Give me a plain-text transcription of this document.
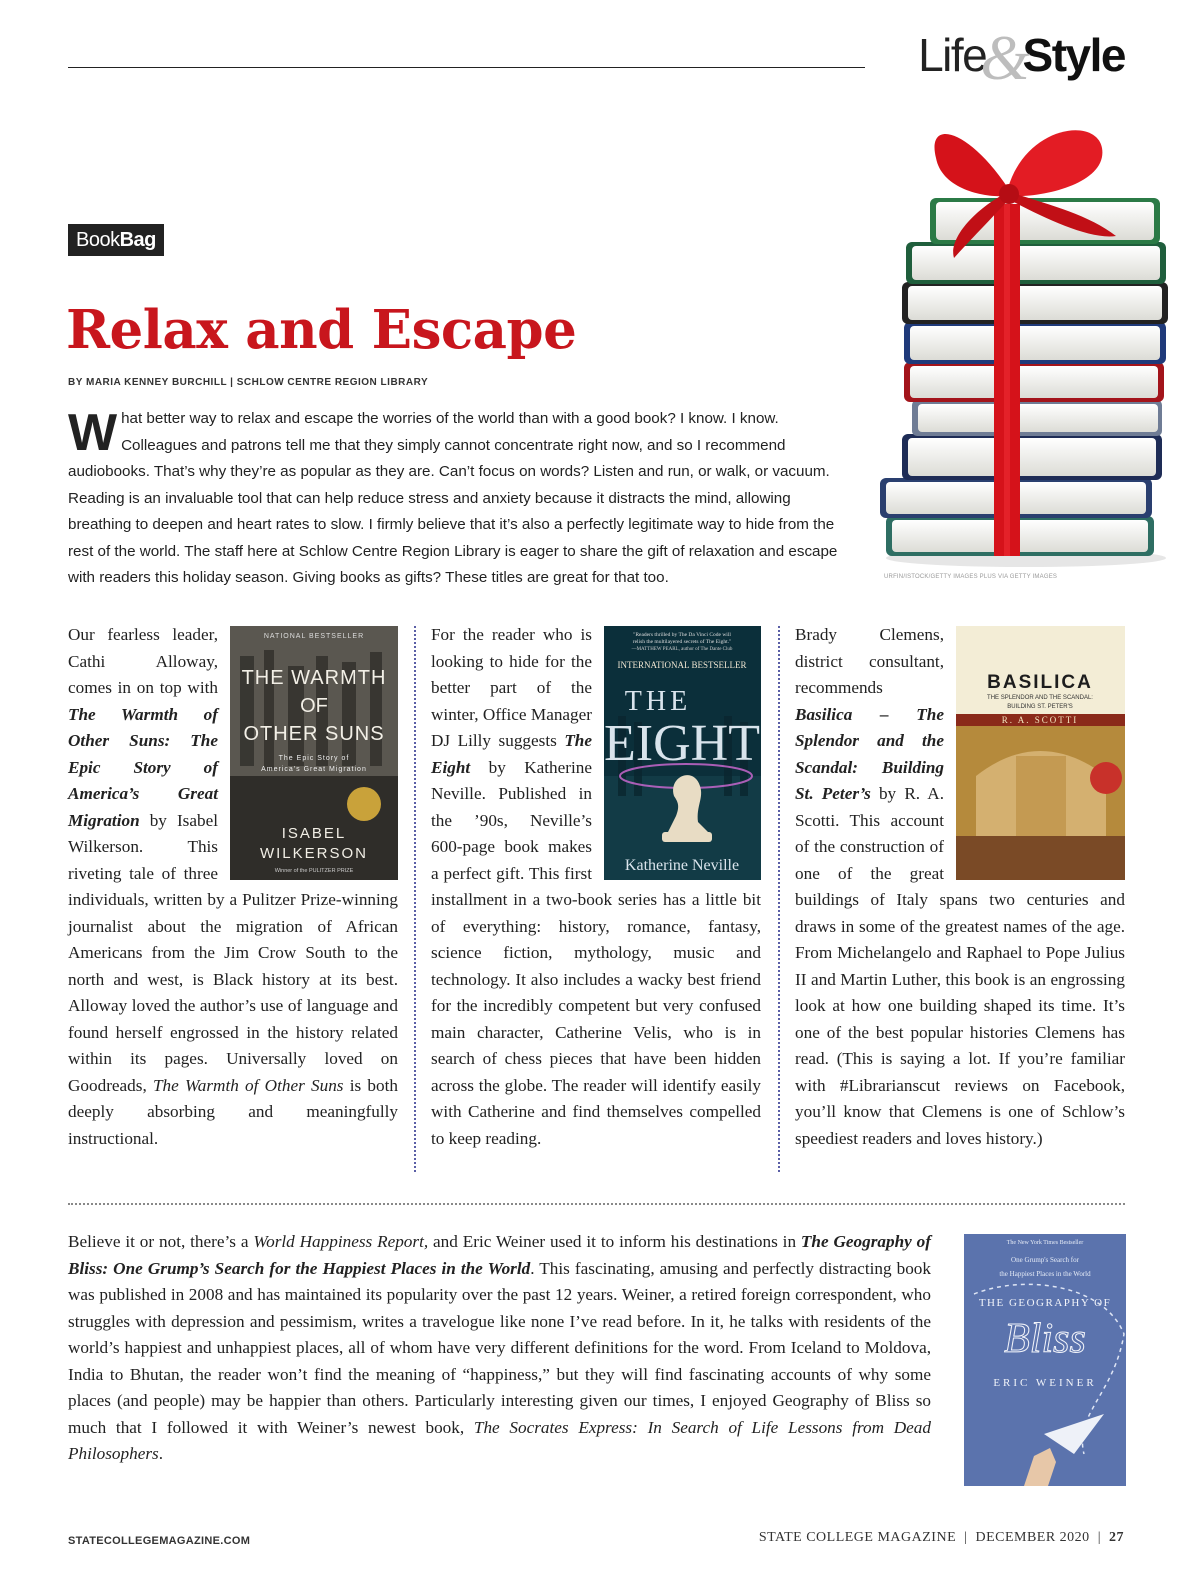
Life&Style
URFIN/ISTOCK/GETTY IMAGES PLUS VIA GETTY IMAGES
BookBag
Relax and Escape
BY MARIA KENNEY BURCHILL | SCHLOW CENTRE REGION LIBRARY

What better way to relax and escape the worries of the world than with a good book? I know. I know. Colleagues and patrons tell me that they simply cannot concentrate right now, and so I recommend audiobooks. That’s why they’re as popular as they are. Can’t focus on words? Listen and run, or walk, or vacuum. Reading is an invaluable tool that can help reduce stress and anxiety because it distracts the mind, allowing breathing to deepen and heart rates to slow. I firmly believe that it’s also a perfectly legitimate way to hide from the rest of the world. The staff here at Schlow Centre Region Library is eager to share the gift of relaxation and escape with readers this holiday season. Giving books as gifts? These titles are great for that too.

NATIONAL BESTSELLER
THE WARMTH
OF
OTHER SUNS
The Epic Story of
America's Great Migration
ISABEL
WILKERSON
Winner of the PULITZER PRIZE

Our fearless leader, Cathi Alloway, comes in on top with The Warmth of Other Suns: The Epic Story of America’s Great Migration by Isabel Wilkerson. This riveting tale of three individuals, written by a Pulitzer Prize-winning journalist about the migration of African Americans from the Jim Crow South to the north and west, is Black history at its best. Alloway loved the author’s use of language and found herself engrossed in the history related within its pages. Universally loved on Goodreads, The Warmth of Other Suns is both deeply absorbing and meaningfully instructional.

"Readers thrilled by The Da Vinci Code will
relish the multilayered secrets of The Eight."
—MATTHEW PEARL, author of The Dante Club
INTERNATIONAL BESTSELLER
THE
EIGHT
Katherine Neville

For the reader who is looking to hide for the better part of the winter, Office Manager DJ Lilly suggests The Eight by Katherine Neville. Published in the ’90s, Neville’s 600-page book makes a perfect gift. This first installment in a two-book series has a little bit of everything: history, romance, fantasy, science fiction, mythology, music and technology. It also includes a wacky best friend for the incredibly competent but very confused main character, Catherine Velis, who is in search of chess pieces that have been hidden across the globe. The reader will identify easily with Catherine and find themselves compelled to keep reading.

BASILICA
THE SPLENDOR AND THE SCANDAL:
BUILDING ST. PETER'S
R. A. SCOTTI

Brady Clemens, district consultant, recommends Basilica – The Splendor and the Scandal: Building St. Peter’s by R. A. Scotti. This account of the construction of one of the great buildings of Italy spans two centuries and draws in some of the greatest names of the age. From Michelangelo and Raphael to Pope Julius II and Martin Luther, this book is an engrossing look at how one building shaped its time. It’s one of the best popular histories Clemens has read. (This is saying a lot. If you’re familiar with #Librarianscut reviews on Facebook, you’ll know that Clemens is one of Schlow’s speediest readers and loves history.)

Believe it or not, there’s a World Happiness Report, and Eric Weiner used it to inform his destinations in The Geography of Bliss: One Grump’s Search for the Happiest Places in the World. This fascinating, amusing and perfectly distracting book was published in 2008 and has maintained its popularity over the past 12 years. Weiner, a retired foreign correspondent, who struggles with depression and pessimism, writes a travelogue like none I’ve read before. In it, he talks with residents of the world’s happiest and unhappiest places, all of whom have very different definitions for the word. From Iceland to Moldova, India to Bhutan, the reader won’t find the meaning of “happiness,” but they will find fascinating accounts of why some places (and people) may be happier than others. Particularly interesting given our times, I enjoyed Geography of Bliss so much that I followed it with Weiner’s newest book, The Socrates Express: In Search of Life Lessons from Dead Philosophers.

The New York Times Bestseller
One Grump's Search for
the Happiest Places in the World
THE GEOGRAPHY OF
Bliss
ERIC WEINER
STATECOLLEGEMAGAZINE.COM	STATE COLLEGE MAGAZINE | DECEMBER 2020 | 27
